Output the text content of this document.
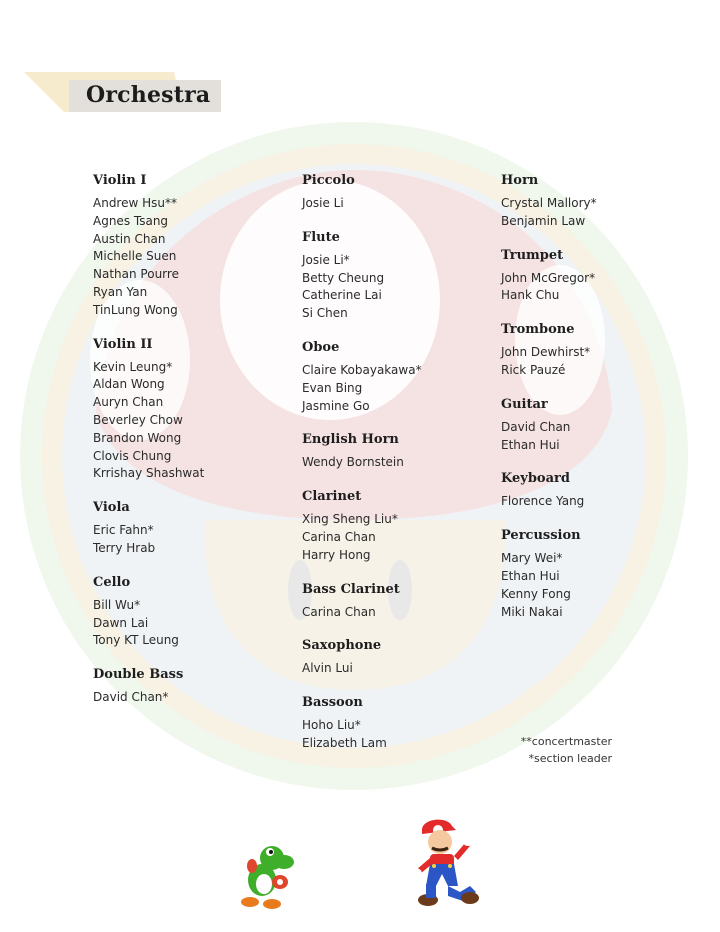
Orchestra
Violin I
Andrew Hsu**
Agnes Tsang
Austin Chan
Michelle Suen
Nathan Pourre
Ryan Yan
TinLung Wong
Violin II
Kevin Leung*
Aldan Wong
Auryn Chan
Beverley Chow
Brandon Wong
Clovis Chung
Krrishay Shashwat
Viola
Eric Fahn*
Terry Hrab
Cello
Bill Wu*
Dawn Lai
Tony KT Leung
Double Bass
David Chan*
Piccolo
Josie Li
Flute
Josie Li*
Betty Cheung
Catherine Lai
Si Chen
Oboe
Claire Kobayakawa*
Evan Bing
Jasmine Go
English Horn
Wendy Bornstein
Clarinet
Xing Sheng Liu*
Carina Chan
Harry Hong
Bass Clarinet
Carina Chan
Saxophone
Alvin Lui
Bassoon
Hoho Liu*
Elizabeth Lam
Horn
Crystal Mallory*
Benjamin Law
Trumpet
John McGregor*
Hank Chu
Trombone
John Dewhirst*
Rick Pauzé
Guitar
David Chan
Ethan Hui
Keyboard
Florence Yang
Percussion
Mary Wei*
Ethan Hui
Kenny Fong
Miki Nakai
**concertmaster
*section leader
